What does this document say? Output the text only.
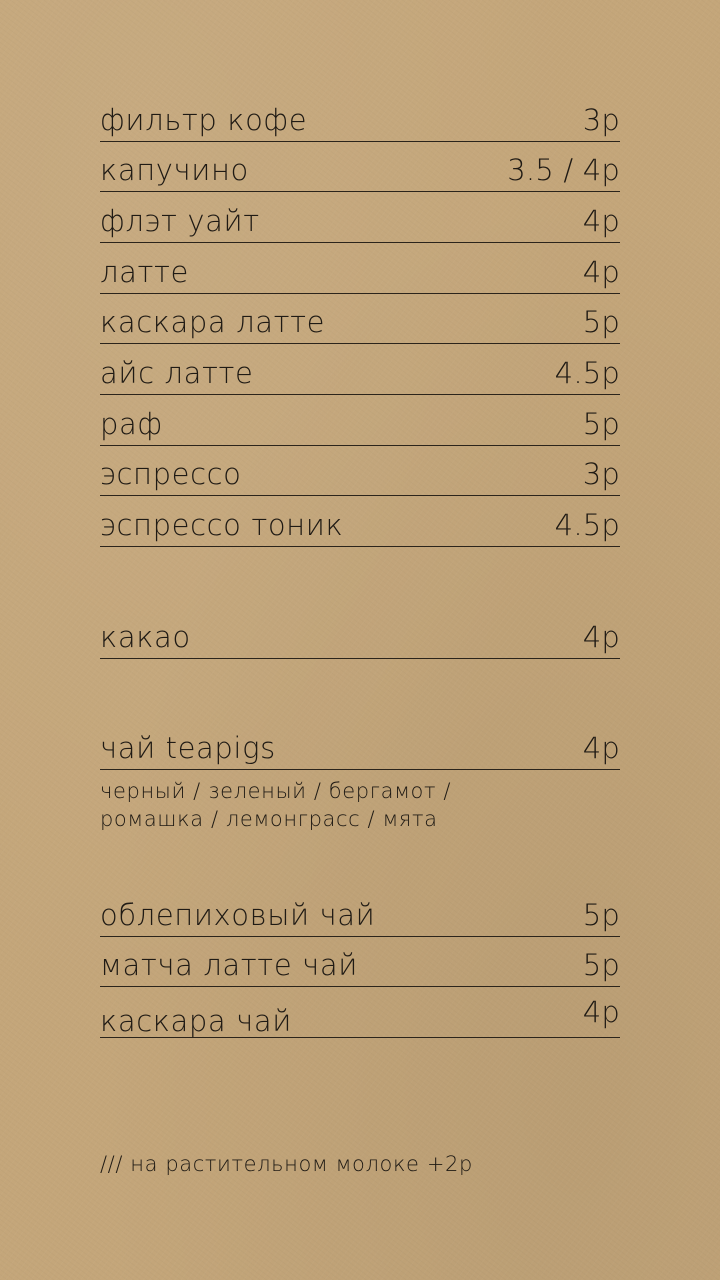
фильтр кофе	3р
капучино	3.5 / 4р
флэт уайт	4р
латте	4р
каскара латте	5р
айс латте	4.5р
раф	5р
эспрессо	3р
эспрессо тоник	4.5р
какао	4р
чай teapigs	4р
черный / зеленый / бергамот /
ромашка / лемонграсс / мята
облепиховый чай	5р
матча латте чай	5р
каскара чай	4р
/// на растительном молоке +2р
